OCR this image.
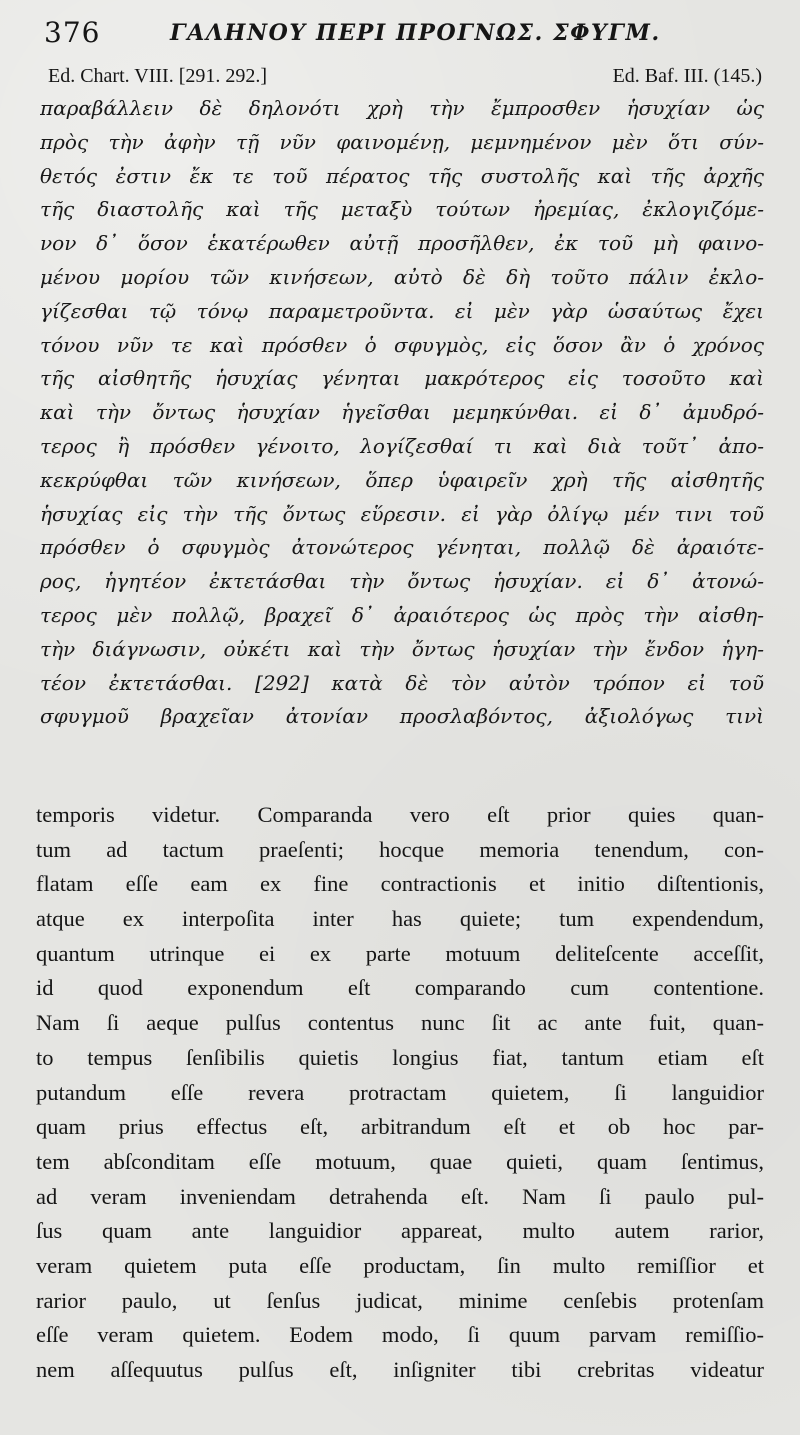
376	ΓΑΛΗΝΟΥ ΠΕΡΙ ΠΡΟΓΝΩΣ. ΣΦΥΓΜ.
Ed. Chart. VIII. [291. 292.]	Ed. Baf. III. (145.)
παραβάλλειν δὲ δηλονότι χρὴ τὴν ἔμπροσθεν ἡσυχίαν ὡς
πρὸς τὴν ἀφὴν τῇ νῦν φαινομένῃ, μεμνημένον μὲν ὅτι σύν-
θετός ἐστιν ἔκ τε τοῦ πέρατος τῆς συστολῆς καὶ τῆς ἀρχῆς
τῆς διαστολῆς καὶ τῆς μεταξὺ τούτων ἠρεμίας, ἐκλογιζόμε-
νον δ᾽ ὅσον ἑκατέρωθεν αὐτῇ προσῆλθεν, ἐκ τοῦ μὴ φαινο-
μένου μορίου τῶν κινήσεων, αὐτὸ δὲ δὴ τοῦτο πάλιν ἐκλο-
γίζεσθαι τῷ τόνῳ παραμετροῦντα. εἰ μὲν γὰρ ὡσαύτως ἔχει
τόνου νῦν τε καὶ πρόσθεν ὁ σφυγμὸς, εἰς ὅσον ἂν ὁ χρόνος
τῆς αἰσθητῆς ἡσυχίας γένηται μακρότερος εἰς τοσοῦτο καὶ
καὶ τὴν ὄντως ἡσυχίαν ἡγεῖσθαι μεμηκύνθαι. εἰ δ᾽ ἀμυδρό-
τερος ἢ πρόσθεν γένοιτο, λογίζεσθαί τι καὶ διὰ τοῦτ᾽ ἀπο-
κεκρύφθαι τῶν κινήσεων, ὅπερ ὑφαιρεῖν χρὴ τῆς αἰσθητῆς
ἡσυχίας εἰς τὴν τῆς ὄντως εὕρεσιν. εἰ γὰρ ὀλίγῳ μέν τινι τοῦ
πρόσθεν ὁ σφυγμὸς ἀτονώτερος γένηται, πολλῷ δὲ ἀραιότε-
ρος, ἡγητέον ἐκτετάσθαι τὴν ὄντως ἡσυχίαν. εἰ δ᾽ ἀτονώ-
τερος μὲν πολλῷ, βραχεῖ δ᾽ ἀραιότερος ὡς πρὸς τὴν αἰσθη-
τὴν διάγνωσιν, οὐκέτι καὶ τὴν ὄντως ἡσυχίαν τὴν ἔνδον ἡγη-
τέον ἐκτετάσθαι. [292] κατὰ δὲ τὸν αὐτὸν τρόπον εἰ τοῦ
σφυγμοῦ βραχεῖαν ἀτονίαν προσλαβόντος, ἀξιολόγως τινὶ
temporis videtur. Comparanda vero eſt prior quies quan-
tum ad tactum praeſenti; hocque memoria tenendum, con-
flatam eſſe eam ex fine contractionis et initio diſtentionis,
atque ex interpoſita inter has quiete; tum expendendum,
quantum utrinque ei ex parte motuum deliteſcente acceſſit,
id quod exponendum eſt comparando cum contentione.
Nam ſi aeque pulſus contentus nunc ſit ac ante fuit, quan-
to tempus ſenſibilis quietis longius fiat, tantum etiam eſt
putandum eſſe revera protractam quietem, ſi languidior
quam prius effectus eſt, arbitrandum eſt et ob hoc par-
tem abſconditam eſſe motuum, quae quieti, quam ſentimus,
ad veram inveniendam detrahenda eſt. Nam ſi paulo pul-
ſus quam ante languidior appareat, multo autem rarior,
veram quietem puta eſſe productam, ſin multo remiſſior et
rarior paulo, ut ſenſus judicat, minime cenſebis protenſam
eſſe veram quietem. Eodem modo, ſi quum parvam remiſſio-
nem aſſequutus pulſus eſt, inſigniter tibi crebritas videatur
